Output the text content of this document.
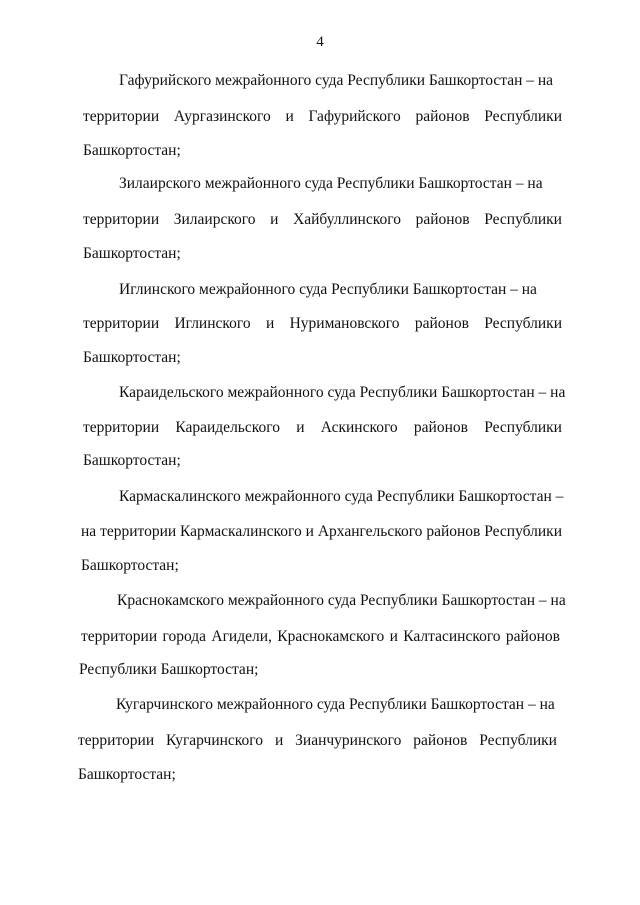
4
Гафурийского межрайонного суда Республики Башкортостан – на
территории Аургазинского и Гафурийского районов Республики
Башкортостан;
Зилаирского межрайонного суда Республики Башкортостан – на
территории Зилаирского и Хайбуллинского районов Республики
Башкортостан;
Иглинского межрайонного суда Республики Башкортостан – на
территории Иглинского и Нуримановского районов Республики
Башкортостан;
Караидельского межрайонного суда Республики Башкортостан – на
территории Караидельского и Аскинского районов Республики
Башкортостан;
Кармаскалинского межрайонного суда Республики Башкортостан –
на территории Кармаскалинского и Архангельского районов Республики
Башкортостан;
Краснокамского межрайонного суда Республики Башкортостан – на
территории города Агидели, Краснокамского и Калтасинского районов
Республики Башкортостан;
Кугарчинского межрайонного суда Республики Башкортостан – на
территории Кугарчинского и Зианчуринского районов Республики
Башкортостан;
